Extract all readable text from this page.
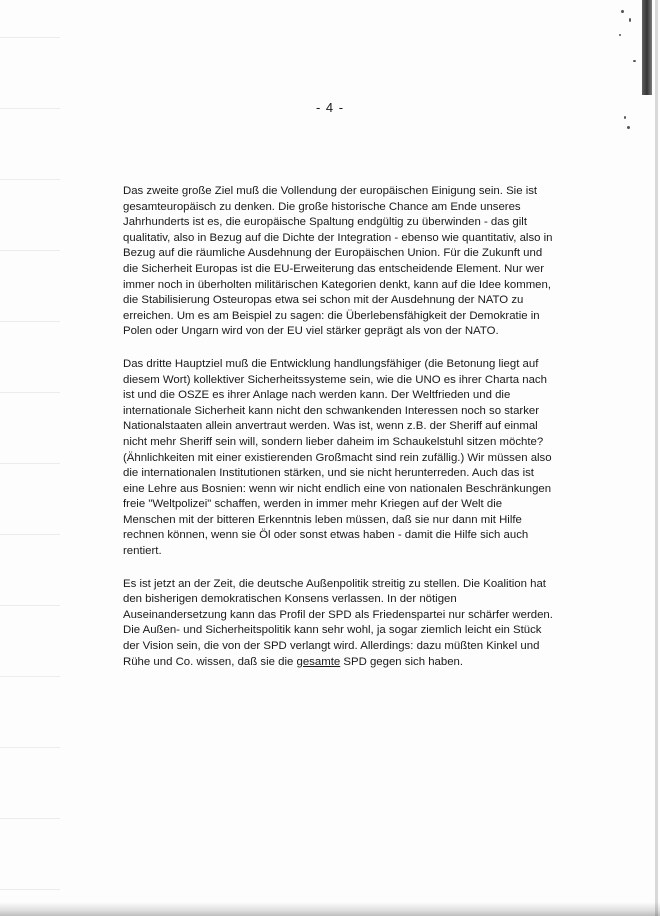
- 4 -

Das zweite große Ziel muß die Vollendung der europäischen Einigung sein. Sie ist
gesamteuropäisch zu denken. Die große historische Chance am Ende unseres
Jahrhunderts ist es, die europäische Spaltung endgültig zu überwinden - das gilt
qualitativ, also in Bezug auf die Dichte der Integration - ebenso wie quantitativ, also in
Bezug auf die räumliche Ausdehnung der Europäischen Union. Für die Zukunft und
die Sicherheit Europas ist die EU-Erweiterung das entscheidende Element. Nur wer
immer noch in überholten militärischen Kategorien denkt, kann auf die Idee kommen,
die Stabilisierung Osteuropas etwa sei schon mit der Ausdehnung der NATO zu
erreichen. Um es am Beispiel zu sagen: die Überlebensfähigkeit der Demokratie in
Polen oder Ungarn wird von der EU viel stärker geprägt als von der NATO.

Das dritte Hauptziel muß die Entwicklung handlungsfähiger (die Betonung liegt auf
diesem Wort) kollektiver Sicherheitssysteme sein, wie die UNO es ihrer Charta nach
ist und die OSZE es ihrer Anlage nach werden kann. Der Weltfrieden und die
internationale Sicherheit kann nicht den schwankenden Interessen noch so starker
Nationalstaaten allein anvertraut werden. Was ist, wenn z.B. der Sheriff auf einmal
nicht mehr Sheriff sein will, sondern lieber daheim im Schaukelstuhl sitzen möchte?
(Ähnlichkeiten mit einer existierenden Großmacht sind rein zufällig.) Wir müssen also
die internationalen Institutionen stärken, und sie nicht herunterreden. Auch das ist
eine Lehre aus Bosnien: wenn wir nicht endlich eine von nationalen Beschränkungen
freie "Weltpolizei" schaffen, werden in immer mehr Kriegen auf der Welt die
Menschen mit der bitteren Erkenntnis leben müssen, daß sie nur dann mit Hilfe
rechnen können, wenn sie Öl oder sonst etwas haben - damit die Hilfe sich auch
rentiert.

Es ist jetzt an der Zeit, die deutsche Außenpolitik streitig zu stellen. Die Koalition hat
den bisherigen demokratischen Konsens verlassen. In der nötigen
Auseinandersetzung kann das Profil der SPD als Friedenspartei nur schärfer werden.
Die Außen- und Sicherheitspolitik kann sehr wohl, ja sogar ziemlich leicht ein Stück
der Vision sein, die von der SPD verlangt wird. Allerdings: dazu müßten Kinkel und
Rühe und Co. wissen, daß sie die gesamte SPD gegen sich haben.
